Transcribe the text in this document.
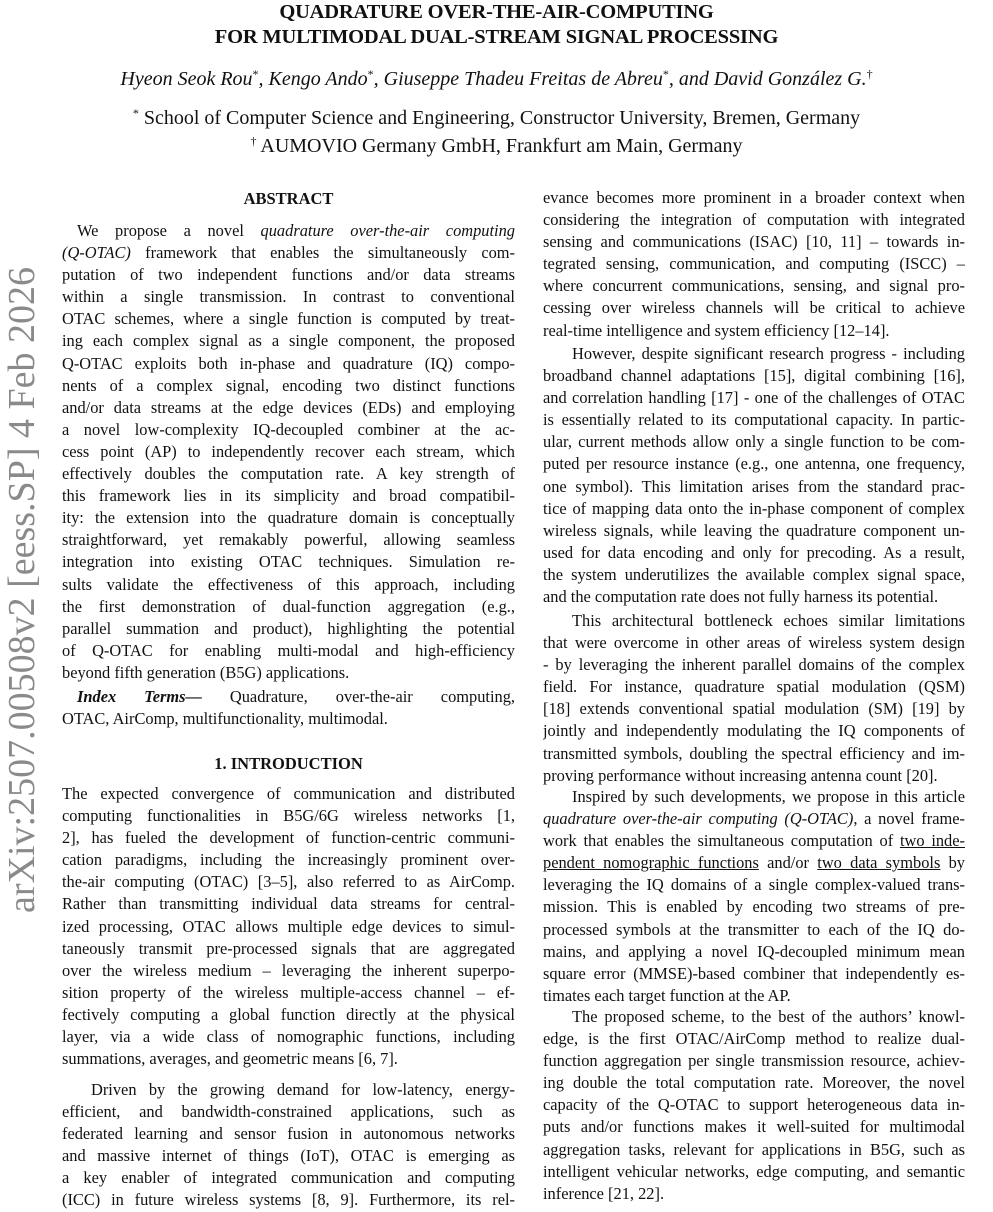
arXiv:2507.00508v2 [eess.SP] 4 Feb 2026
QUADRATURE OVER-THE-AIR-COMPUTING
FOR MULTIMODAL DUAL-STREAM SIGNAL PROCESSING
Hyeon Seok Rou*, Kengo Ando*, Giuseppe Thadeu Freitas de Abreu*, and David González G.†
* School of Computer Science and Engineering, Constructor University, Bremen, Germany
† AUMOVIO Germany GmbH, Frankfurt am Main, Germany
ABSTRACT
1. INTRODUCTION
We propose a novel quadrature over-the-air computing
(Q-OTAC) framework that enables the simultaneously com-
putation of two independent functions and/or data streams
within a single transmission. In contrast to conventional
OTAC schemes, where a single function is computed by treat-
ing each complex signal as a single component, the proposed
Q-OTAC exploits both in-phase and quadrature (IQ) compo-
nents of a complex signal, encoding two distinct functions
and/or data streams at the edge devices (EDs) and employing
a novel low-complexity IQ-decoupled combiner at the ac-
cess point (AP) to independently recover each stream, which
effectively doubles the computation rate. A key strength of
this framework lies in its simplicity and broad compatibil-
ity: the extension into the quadrature domain is conceptually
straightforward, yet remakably powerful, allowing seamless
integration into existing OTAC techniques. Simulation re-
sults validate the effectiveness of this approach, including
the first demonstration of dual-function aggregation (e.g.,
parallel summation and product), highlighting the potential
of Q-OTAC for enabling multi-modal and high-efficiency
beyond fifth generation (B5G) applications.
Index Terms— Quadrature, over-the-air computing,
OTAC, AirComp, multifunctionality, multimodal.
The expected convergence of communication and distributed
computing functionalities in B5G/6G wireless networks [1,
2], has fueled the development of function-centric communi-
cation paradigms, including the increasingly prominent over-
the-air computing (OTAC) [3–5], also referred to as AirComp.
Rather than transmitting individual data streams for central-
ized processing, OTAC allows multiple edge devices to simul-
taneously transmit pre-processed signals that are aggregated
over the wireless medium – leveraging the inherent superpo-
sition property of the wireless multiple-access channel – ef-
fectively computing a global function directly at the physical
layer, via a wide class of nomographic functions, including
summations, averages, and geometric means [6, 7].
Driven by the growing demand for low-latency, energy-
efficient, and bandwidth-constrained applications, such as
federated learning and sensor fusion in autonomous networks
and massive internet of things (IoT), OTAC is emerging as
a key enabler of integrated communication and computing
(ICC) in future wireless systems [8, 9]. Furthermore, its rel-
evance becomes more prominent in a broader context when
considering the integration of computation with integrated
sensing and communications (ISAC) [10, 11] – towards in-
tegrated sensing, communication, and computing (ISCC) –
where concurrent communications, sensing, and signal pro-
cessing over wireless channels will be critical to achieve
real-time intelligence and system efficiency [12–14].
However, despite significant research progress - including
broadband channel adaptations [15], digital combining [16],
and correlation handling [17] - one of the challenges of OTAC
is essentially related to its computational capacity. In partic-
ular, current methods allow only a single function to be com-
puted per resource instance (e.g., one antenna, one frequency,
one symbol). This limitation arises from the standard prac-
tice of mapping data onto the in-phase component of complex
wireless signals, while leaving the quadrature component un-
used for data encoding and only for precoding. As a result,
the system underutilizes the available complex signal space,
and the computation rate does not fully harness its potential.
This architectural bottleneck echoes similar limitations
that were overcome in other areas of wireless system design
- by leveraging the inherent parallel domains of the complex
field. For instance, quadrature spatial modulation (QSM)
[18] extends conventional spatial modulation (SM) [19] by
jointly and independently modulating the IQ components of
transmitted symbols, doubling the spectral efficiency and im-
proving performance without increasing antenna count [20].
Inspired by such developments, we propose in this article
quadrature over-the-air computing (Q-OTAC), a novel frame-
work that enables the simultaneous computation of two inde-
pendent nomographic functions and/or two data symbols by
leveraging the IQ domains of a single complex-valued trans-
mission. This is enabled by encoding two streams of pre-
processed symbols at the transmitter to each of the IQ do-
mains, and applying a novel IQ-decoupled minimum mean
square error (MMSE)-based combiner that independently es-
timates each target function at the AP.
The proposed scheme, to the best of the authors’ knowl-
edge, is the first OTAC/AirComp method to realize dual-
function aggregation per single transmission resource, achiev-
ing double the total computation rate. Moreover, the novel
capacity of the Q-OTAC to support heterogeneous data in-
puts and/or functions makes it well-suited for multimodal
aggregation tasks, relevant for applications in B5G, such as
intelligent vehicular networks, edge computing, and semantic
inference [21, 22].
